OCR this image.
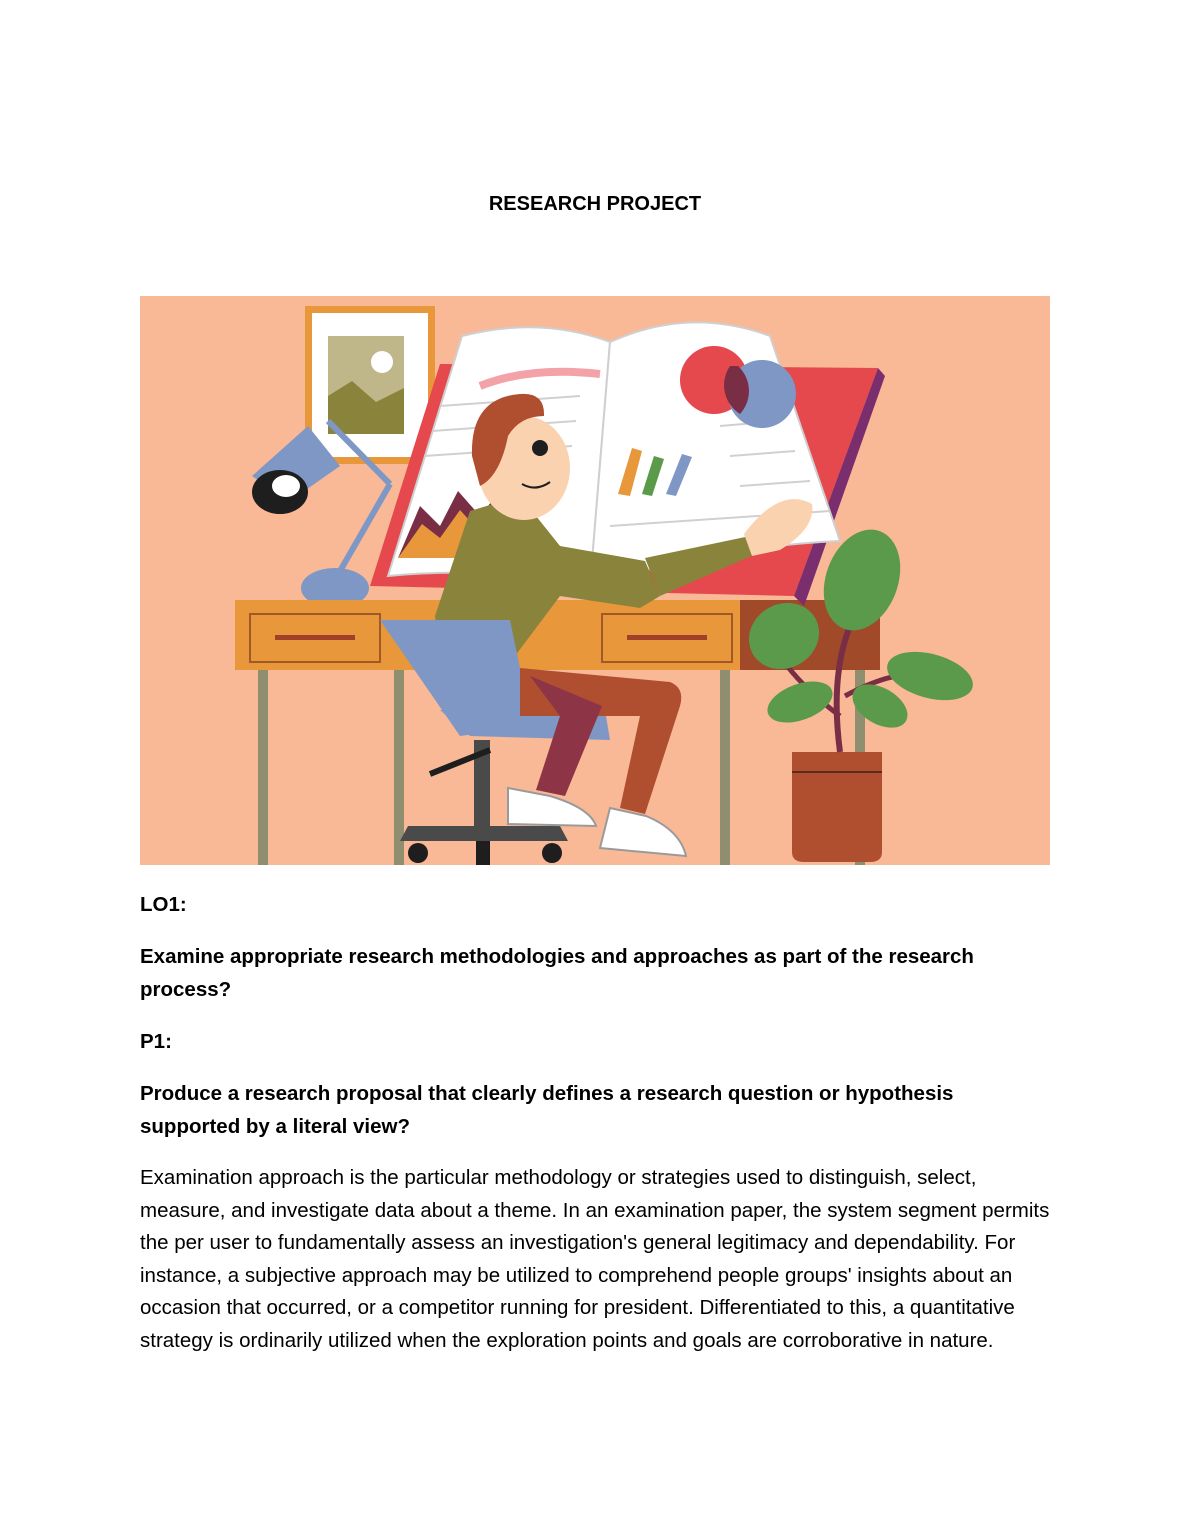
RESEARCH PROJECT

LO1:

Examine appropriate research methodologies and approaches as part of the research process?

P1:

Produce a research proposal that clearly defines a research question or hypothesis supported by a literal view?

Examination approach is the particular methodology or strategies used to distinguish, select, measure, and investigate data about a theme. In an examination paper, the system segment permits the per user to fundamentally assess an investigation's general legitimacy and dependability. For instance, a subjective approach may be utilized to comprehend people groups' insights about an occasion that occurred, or a competitor running for president. Differentiated to this, a quantitative strategy is ordinarily utilized when the exploration points and goals are corroborative in nature.
